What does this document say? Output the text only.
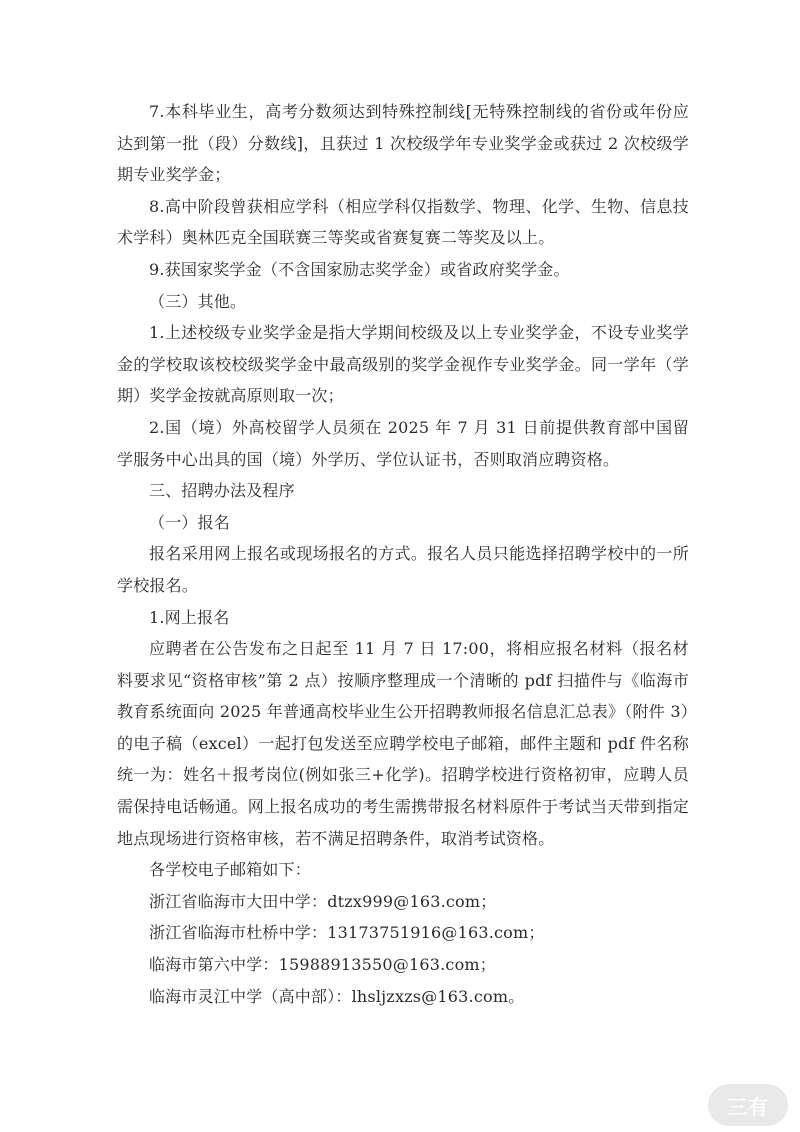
7.本科毕业生，高考分数须达到特殊控制线[无特殊控制线的省份或年份应达到第一批（段）分数线]，且获过 1 次校级学年专业奖学金或获过 2 次校级学期专业奖学金；

8.高中阶段曾获相应学科（相应学科仅指数学、物理、化学、生物、信息技术学科）奥林匹克全国联赛三等奖或省赛复赛二等奖及以上。

9.获国家奖学金（不含国家励志奖学金）或省政府奖学金。

（三）其他。

1.上述校级专业奖学金是指大学期间校级及以上专业奖学金，不设专业奖学金的学校取该校校级奖学金中最高级别的奖学金视作专业奖学金。同一学年（学期）奖学金按就高原则取一次；

2.国（境）外高校留学人员须在 2025 年 7 月 31 日前提供教育部中国留学服务中心出具的国（境）外学历、学位认证书，否则取消应聘资格。

三、招聘办法及程序

（一）报名

报名采用网上报名或现场报名的方式。报名人员只能选择招聘学校中的一所学校报名。

1.网上报名

应聘者在公告发布之日起至 11 月 7 日 17:00，将相应报名材料（报名材料要求见“资格审核”第 2 点）按顺序整理成一个清晰的 pdf 扫描件与《临海市教育系统面向 2025 年普通高校毕业生公开招聘教师报名信息汇总表》（附件 3）的电子稿（excel）一起打包发送至应聘学校电子邮箱，邮件主题和 pdf 件名称统一为：姓名＋报考岗位(例如张三+化学)。招聘学校进行资格初审，应聘人员需保持电话畅通。网上报名成功的考生需携带报名材料原件于考试当天带到指定地点现场进行资格审核，若不满足招聘条件，取消考试资格。

各学校电子邮箱如下：

浙江省临海市大田中学：dtzx999@163.com；

浙江省临海市杜桥中学：13173751916@163.com；

临海市第六中学：15988913550@163.com；

临海市灵江中学（高中部）：lhsljzxzs@163.com。

三有
